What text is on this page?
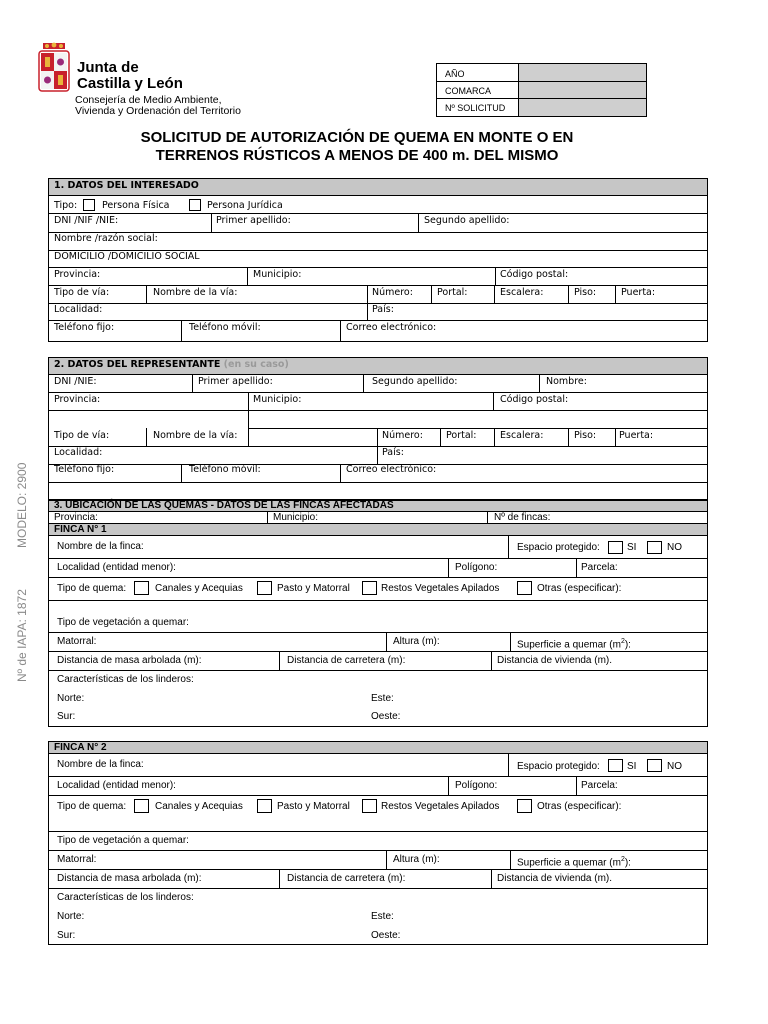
Junta de
Castilla y León
Consejería de Medio Ambiente,
Vivienda y Ordenación del Territorio
AÑO
COMARCA
Nº SOLICITUD
SOLICITUD DE AUTORIZACIÓN DE QUEMA EN MONTE O EN
TERRENOS RÚSTICOS A MENOS DE 400 m. DEL MISMO
MODELO: 2900
Nº de IAPA: 1872
1. DATOS DEL INTERESADO
Tipo:	Persona Física	Persona Jurídica
DNI /NIF /NIE:	Primer apellido:	Segundo apellido:
Nombre /razón social:
DOMICILIO /DOMICILIO SOCIAL
Provincia:	Municipio:	Código postal:
Tipo de vía:	Nombre de la vía:	Número:	Portal:	Escalera:	Piso:	Puerta:
Localidad:	País:
Teléfono fijo:	Teléfono móvil:	Correo electrónico:
2. DATOS DEL REPRESENTANTE (en su caso)
DNI /NIE:	Primer apellido:	Segundo apellido:	Nombre:
Provincia:	Municipio:	Código postal:
Tipo de vía:	Nombre de la vía:	Número: Portal: Escalera:	Piso: Puerta:
Localidad:	País:
Teléfono fijo:	Teléfono móvil:	Correo electrónico:
3. UBICACIÓN DE LAS QUEMAS - DATOS DE LAS FINCAS AFECTADAS
Provincia:	Municipio:	Nº de fincas:
FINCA N° 1
Nombre de la finca:	Espacio protegido:	SI	NO
Localidad (entidad menor):	Polígono:	Parcela:
Tipo de quema:	Canales y Acequias	Pasto y Matorral	Restos Vegetales Apilados	Otras (especificar):
Tipo de vegetación a quemar:
Matorral:	Altura (m):	Superficie a quemar $(m^2)$:
Distancia de masa arbolada (m):	Distancia de carretera (m):	Distancia de vivienda (m).
Características de los linderos:
Norte:	Este:
Sur:	Oeste:
FINCA N° 2
Nombre de la finca:	Espacio protegido:	SI	NO
Localidad (entidad menor):	Polígono:	Parcela:
Tipo de quema:	Canales y Acequias	Pasto y Matorral	Restos Vegetales Apilados	Otras (especificar):
Tipo de vegetación a quemar:
Matorral:	Altura (m):	Superficie a quemar $(m^2)$:
Distancia de masa arbolada (m):	Distancia de carretera (m):	Distancia de vivienda (m).
Características de los linderos:
Norte:	Este:
Sur:	Oeste:
